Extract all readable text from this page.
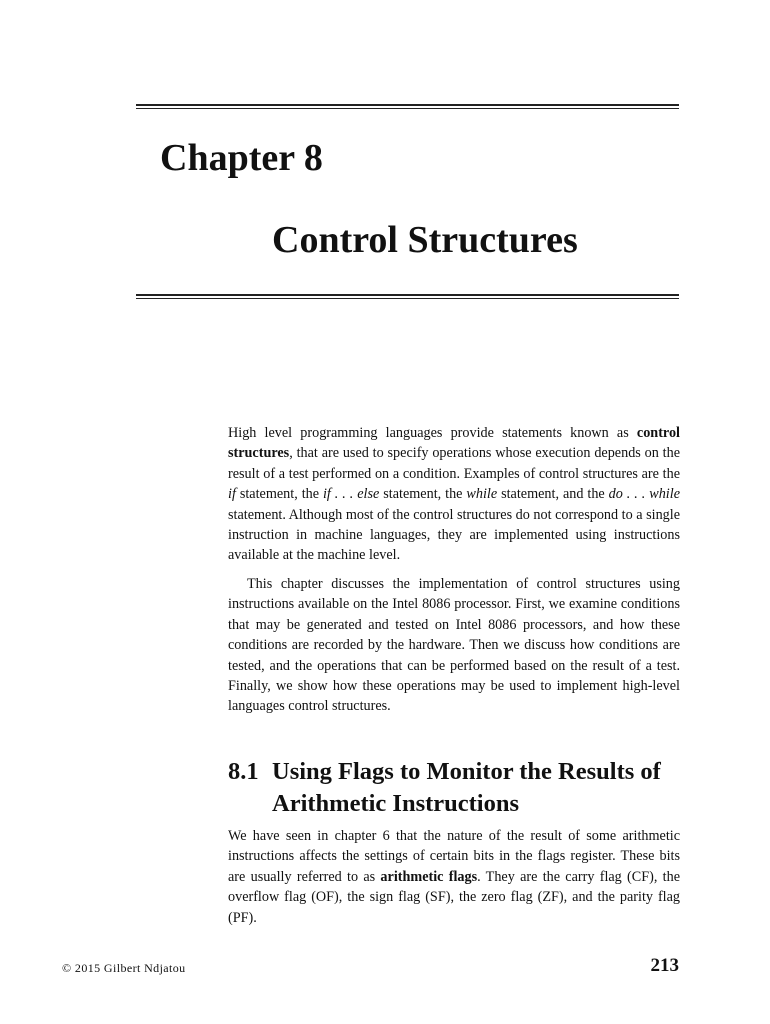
Chapter 8
Control Structures

High level programming languages provide statements known as control structures, that are used to specify operations whose execution depends on the result of a test performed on a condition. Examples of control structures are the if statement, the if . . . else statement, the while statement, and the do . . . while statement. Although most of the control structures do not correspond to a single instruction in machine languages, they are implemented using instructions available at the machine level.

This chapter discusses the implementation of control structures using instructions available on the Intel 8086 processor. First, we examine conditions that may be generated and tested on Intel 8086 processors, and how these conditions are recorded by the hardware. Then we discuss how conditions are tested, and the operations that can be performed based on the result of a test. Finally, we show how these operations may be used to implement high-level languages control structures.

8.1 Using Flags to Monitor the Results of Arithmetic Instructions

We have seen in chapter 6 that the nature of the result of some arithmetic instructions affects the settings of certain bits in the flags register. These bits are usually referred to as arithmetic flags. They are the carry flag (CF), the overflow flag (OF), the sign flag (SF), the zero flag (ZF), and the parity flag (PF).

© 2015 Gilbert Ndjatou	213
